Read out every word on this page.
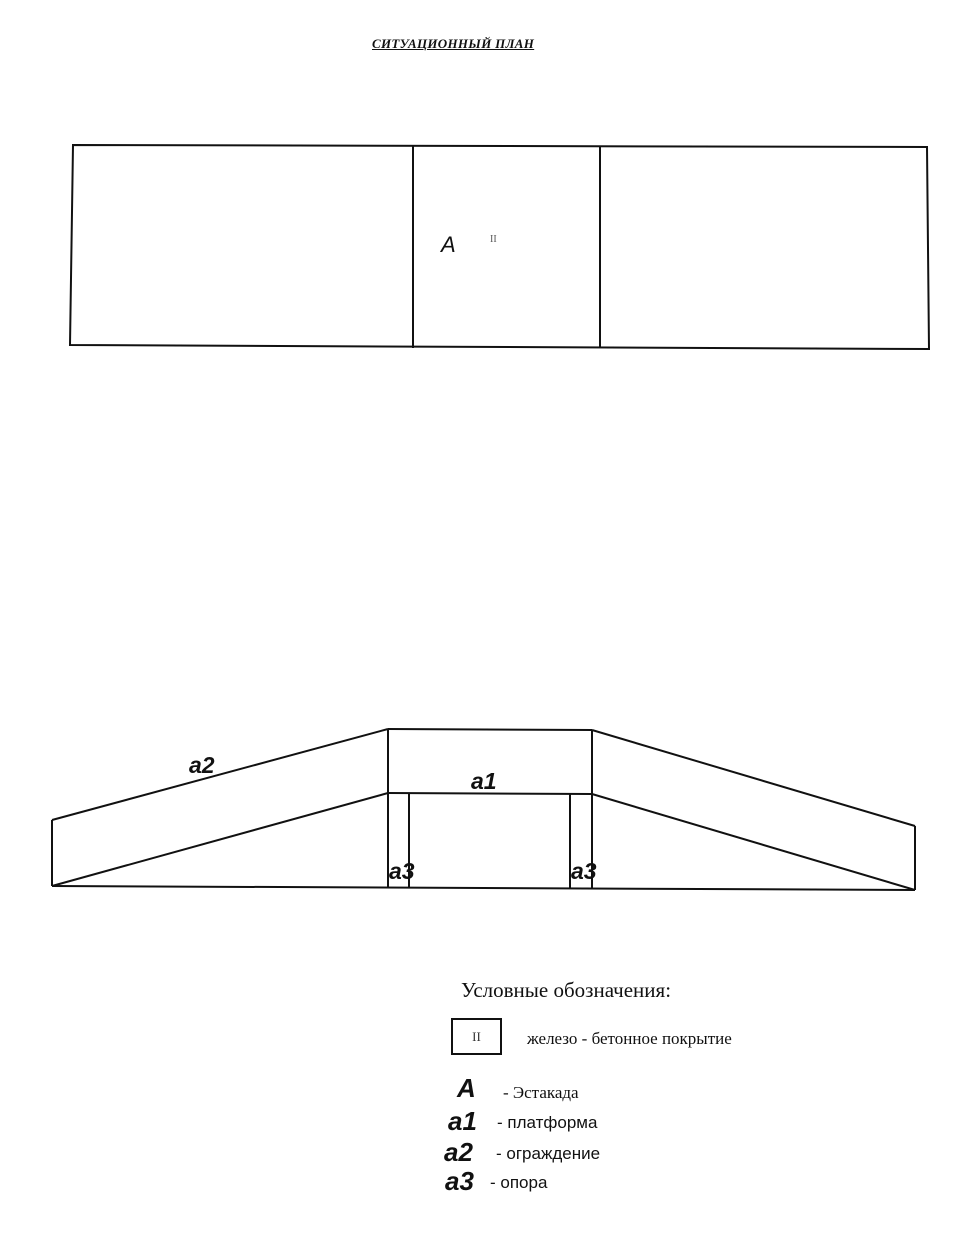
СИТУАЦИОННЫЙ ПЛАН
А	II
а2
а1
а3	а3
Условные обозначения:
II	железо - бетонное покрытие
А - Эстакада
а1 - платформа
а2 - ограждение
а3 - опора
